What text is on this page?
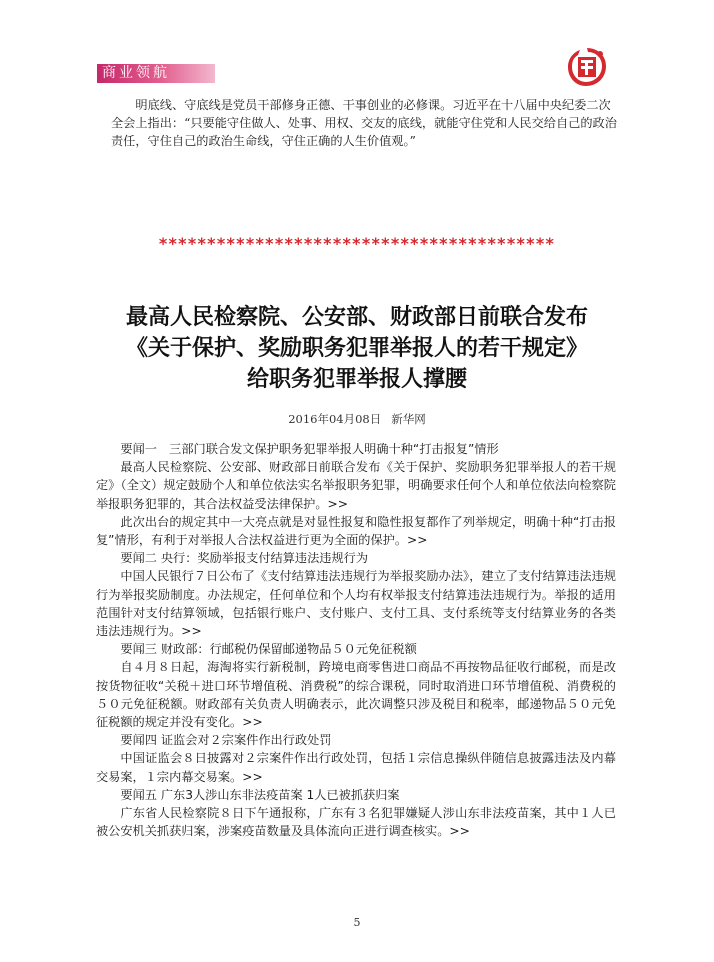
商业领航

明底线、守底线是党员干部修身正德、干事创业的必修课。习近平在十八届中央纪委二次全会上指出：“只要能守住做人、处事、用权、交友的底线，就能守住党和人民交给自己的政治责任，守住自己的政治生命线，守住正确的人生价值观。”

*****************************************
最高人民检察院、公安部、财政部日前联合发布
《关于保护、奖励职务犯罪举报人的若干规定》
给职务犯罪举报人撑腰
2016年04月08日 新华网

要闻一　三部门联合发文保护职务犯罪举报人明确十种“打击报复”情形

最高人民检察院、公安部、财政部日前联合发布《关于保护、奖励职务犯罪举报人的若干规定》（全文）规定鼓励个人和单位依法实名举报职务犯罪，明确要求任何个人和单位依法向检察院举报职务犯罪的，其合法权益受法律保护。>>

此次出台的规定其中一大亮点就是对显性报复和隐性报复都作了列举规定，明确十种“打击报复”情形，有利于对举报人合法权益进行更为全面的保护。>>

要闻二 央行：奖励举报支付结算违法违规行为

中国人民银行７日公布了《支付结算违法违规行为举报奖励办法》，建立了支付结算违法违规行为举报奖励制度。办法规定，任何单位和个人均有权举报支付结算违法违规行为。举报的适用范围针对支付结算领域，包括银行账户、支付账户、支付工具、支付系统等支付结算业务的各类违法违规行为。>>

要闻三 财政部：行邮税仍保留邮递物品５０元免征税额

自４月８日起，海淘将实行新税制，跨境电商零售进口商品不再按物品征收行邮税，而是改按货物征收“关税＋进口环节增值税、消费税”的综合课税，同时取消进口环节增值税、消费税的５０元免征税额。财政部有关负责人明确表示，此次调整只涉及税目和税率，邮递物品５０元免征税额的规定并没有变化。>>

要闻四 证监会对２宗案件作出行政处罚

中国证监会８日披露对２宗案件作出行政处罚，包括１宗信息操纵伴随信息披露违法及内幕交易案，１宗内幕交易案。>>

要闻五 广东3人涉山东非法疫苗案 1人已被抓获归案

广东省人民检察院８日下午通报称，广东有３名犯罪嫌疑人涉山东非法疫苗案，其中１人已被公安机关抓获归案，涉案疫苗数量及具体流向正进行调查核实。>>

5
